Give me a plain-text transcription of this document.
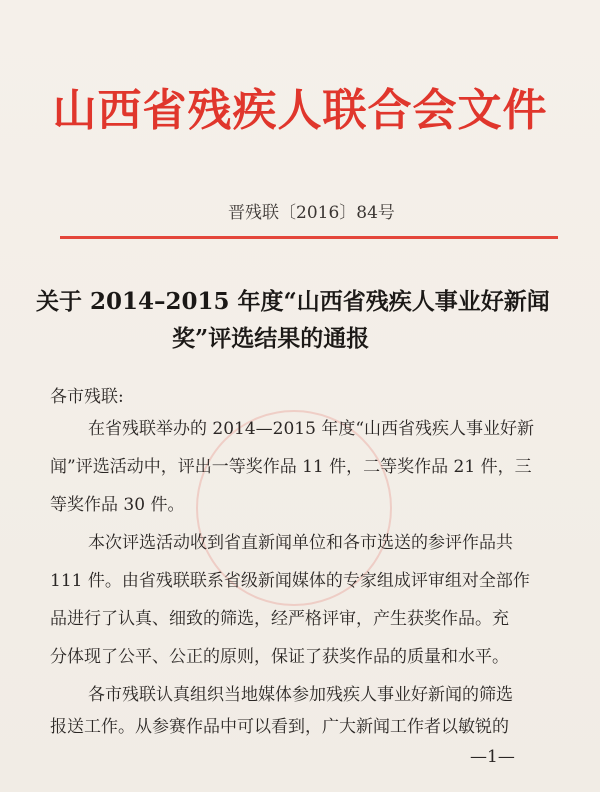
山西省残疾人联合会文件
晋残联〔2016〕84号
关于 2014–2015 年度“山西省残疾人事业好新闻
奖”评选结果的通报
各市残联:
在省残联举办的 2014—2015 年度“山西省残疾人事业好新
闻”评选活动中，评出一等奖作品 11 件，二等奖作品 21 件，三
等奖作品 30 件。
本次评选活动收到省直新闻单位和各市选送的参评作品共
111 件。由省残联联系省级新闻媒体的专家组成评审组对全部作
品进行了认真、细致的筛选，经严格评审，产生获奖作品。充
分体现了公平、公正的原则，保证了获奖作品的质量和水平。
各市残联认真组织当地媒体参加残疾人事业好新闻的筛选
报送工作。从参赛作品中可以看到，广大新闻工作者以敏锐的
—1—
